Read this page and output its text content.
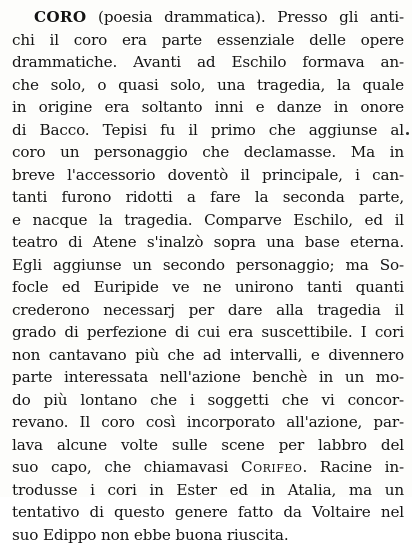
CORO (poesia drammatica). Presso gli anti-
chi il coro era parte essenziale delle opere
drammatiche. Avanti ad Eschilo formava an-
che solo, o quasi solo, una tragedia, la quale
in origine era soltanto inni e danze in onore
di Bacco. Tepisi fu il primo che aggiunse al
coro un personaggio che declamasse. Ma in
breve l'accessorio doventò il principale, i can-
tanti furono ridotti a fare la seconda parte,
e nacque la tragedia. Comparve Eschilo, ed il
teatro di Atene s'inalzò sopra una base eterna.
Egli aggiunse un secondo personaggio; ma So-
focle ed Euripide ve ne unirono tanti quanti
crederono necessarj per dare alla tragedia il
grado di perfezione di cui era suscettibile. I cori
non cantavano più che ad intervalli, e divennero
parte interessata nell'azione benchè in un mo-
do più lontano che i soggetti che vi concor-
revano. Il coro così incorporato all'azione, par-
lava alcune volte sulle scene per labbro del
suo capo, che chiamavasi Corifeo. Racine in-
trodusse i cori in Ester ed in Atalia, ma un
tentativo di questo genere fatto da Voltaire nel
suo Edippo non ebbe buona riuscita.
